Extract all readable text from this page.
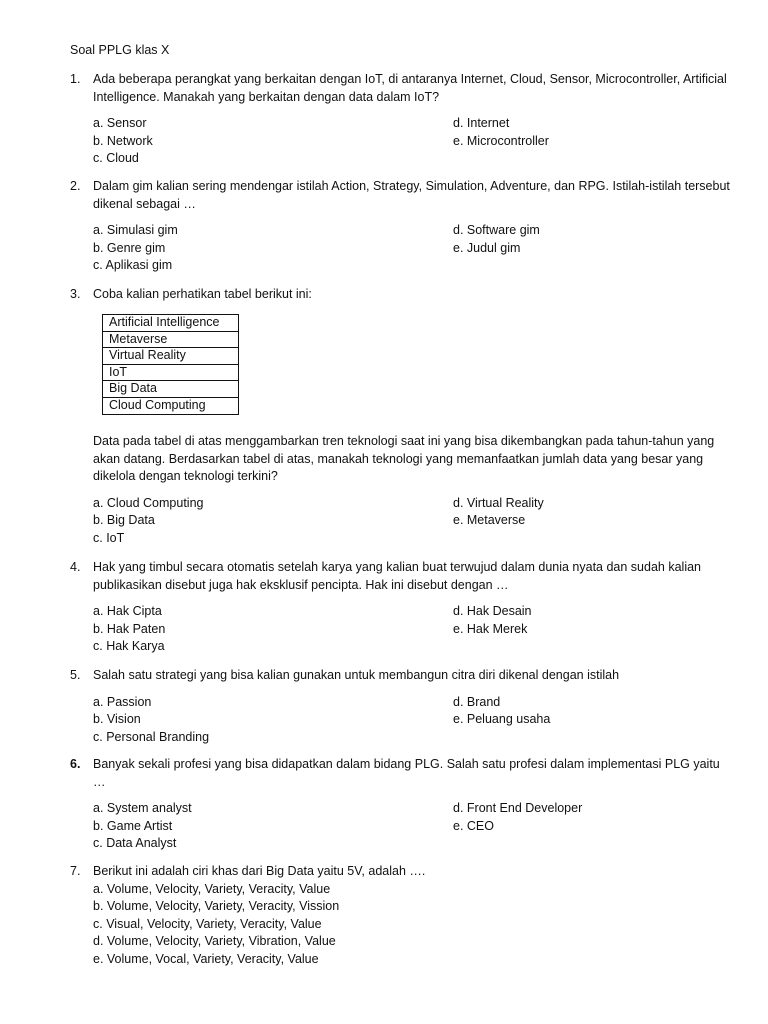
Soal PPLG klas X
1.	Ada beberapa perangkat yang berkaitan dengan IoT, di antaranya Internet, Cloud, Sensor, Microcontroller, Artificial Intelligence. Manakah yang berkaitan dengan data dalam IoT?
a. Sensor
b. Network
c. Cloud
d. Internet
e. Microcontroller
2.	Dalam gim kalian sering mendengar istilah Action, Strategy, Simulation, Adventure, dan RPG. Istilah-istilah tersebut dikenal sebagai …
a. Simulasi gim
b. Genre gim
c. Aplikasi gim
d. Software gim
e. Judul gim
3.	Coba kalian perhatikan tabel berikut ini:
Artificial Intelligence
Metaverse
Virtual Reality
IoT
Big Data
Cloud Computing
Data pada tabel di atas menggambarkan tren teknologi saat ini yang bisa dikembangkan pada tahun-tahun yang akan datang. Berdasarkan tabel di atas, manakah teknologi yang memanfaatkan jumlah data yang besar yang dikelola dengan teknologi terkini?
a. Cloud Computing
b. Big Data
c. IoT
d. Virtual Reality
e. Metaverse
4.	Hak yang timbul secara otomatis setelah karya yang kalian buat terwujud dalam dunia nyata dan sudah kalian publikasikan disebut juga hak eksklusif pencipta. Hak ini disebut dengan …
a. Hak Cipta
b. Hak Paten
c. Hak Karya
d. Hak Desain
e. Hak Merek
5.	Salah satu strategi yang bisa kalian gunakan untuk membangun citra diri dikenal dengan istilah
a. Passion
b. Vision
c. Personal Branding
d. Brand
e. Peluang usaha
6.	Banyak sekali profesi yang bisa didapatkan dalam bidang PLG. Salah satu profesi dalam implementasi PLG yaitu …
a. System analyst
b. Game Artist
c. Data Analyst
d. Front End Developer
e. CEO
7.	Berikut ini adalah ciri khas dari Big Data yaitu 5V, adalah ….
a. Volume, Velocity, Variety, Veracity, Value
b. Volume, Velocity, Variety, Veracity, Vission
c. Visual, Velocity, Variety, Veracity, Value
d. Volume, Velocity, Variety, Vibration, Value
e. Volume, Vocal, Variety, Veracity, Value
